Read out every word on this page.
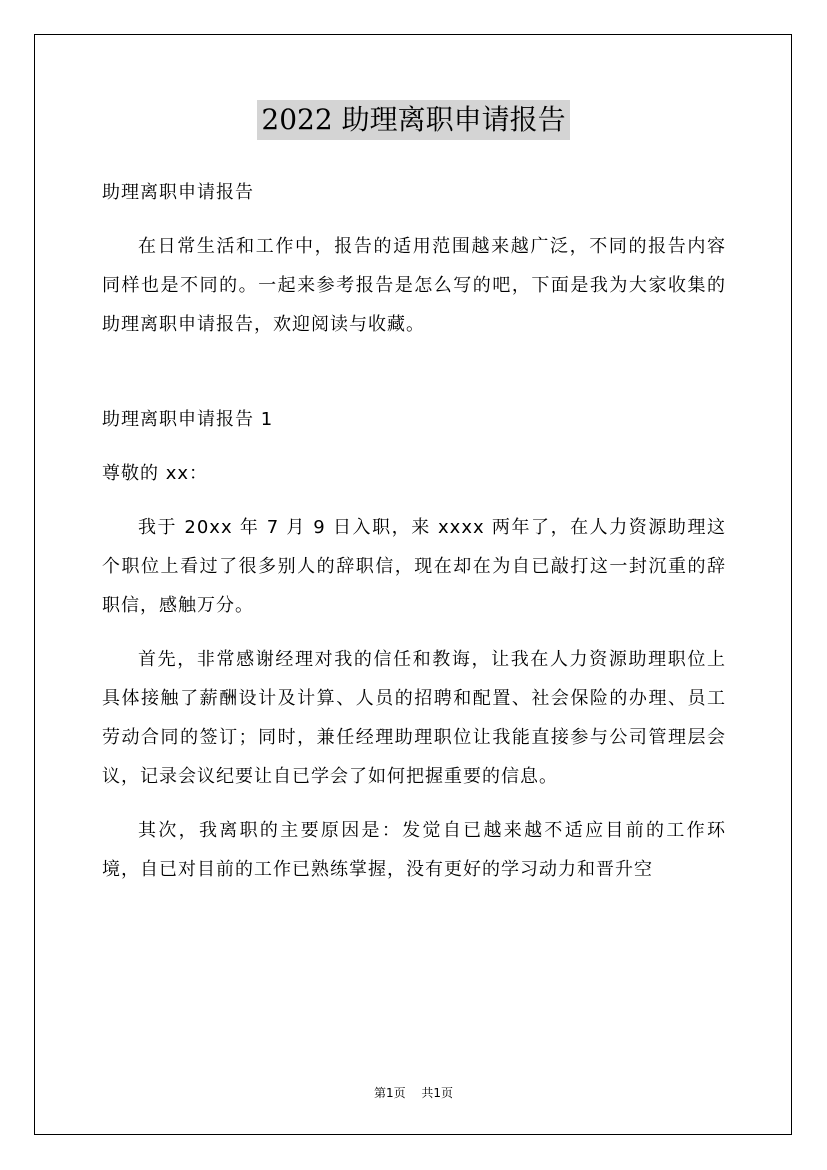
2022 助理离职申请报告

助理离职申请报告

在日常生活和工作中，报告的适用范围越来越广泛，不同的报告内容同样也是不同的。一起来参考报告是怎么写的吧，下面是我为大家收集的助理离职申请报告，欢迎阅读与收藏。

助理离职申请报告 1

尊敬的 xx：

我于 20xx 年 7 月 9 日入职，来 xxxx 两年了，在人力资源助理这个职位上看过了很多别人的辞职信，现在却在为自已敲打这一封沉重的辞职信，感触万分。

首先，非常感谢经理对我的信任和教诲，让我在人力资源助理职位上具体接触了薪酬设计及计算、人员的招聘和配置、社会保险的办理、员工劳动合同的签订；同时，兼任经理助理职位让我能直接参与公司管理层会议，记录会议纪要让自已学会了如何把握重要的信息。

其次，我离职的主要原因是：发觉自已越来越不适应目前的工作环境，自已对目前的工作已熟练掌握，没有更好的学习动力和晋升空

第1页 共1页
